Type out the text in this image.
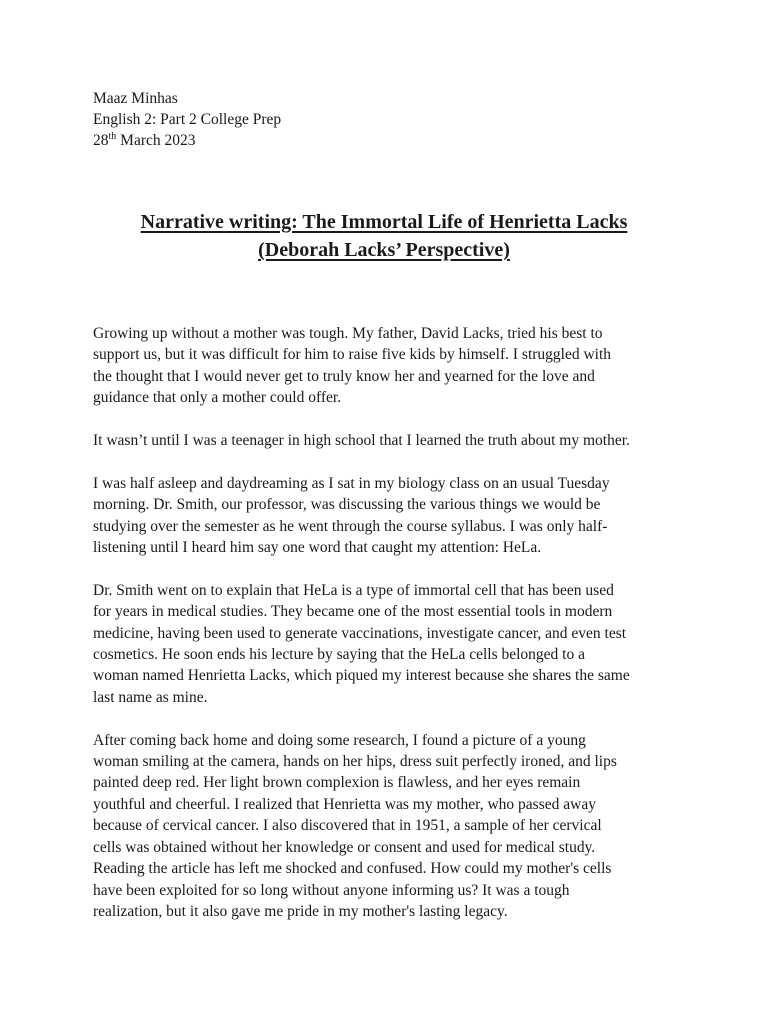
Maaz Minhas
English 2: Part 2 College Prep
28th March 2023
Narrative writing: The Immortal Life of Henrietta Lacks
(Deborah Lacks’ Perspective)

Growing up without a mother was tough. My father, David Lacks, tried his best to
support us, but it was difficult for him to raise five kids by himself. I struggled with
the thought that I would never get to truly know her and yearned for the love and
guidance that only a mother could offer.

It wasn’t until I was a teenager in high school that I learned the truth about my mother.

I was half asleep and daydreaming as I sat in my biology class on an usual Tuesday
morning. Dr. Smith, our professor, was discussing the various things we would be
studying over the semester as he went through the course syllabus. I was only half-
listening until I heard him say one word that caught my attention: HeLa.

Dr. Smith went on to explain that HeLa is a type of immortal cell that has been used
for years in medical studies. They became one of the most essential tools in modern
medicine, having been used to generate vaccinations, investigate cancer, and even test
cosmetics. He soon ends his lecture by saying that the HeLa cells belonged to a
woman named Henrietta Lacks, which piqued my interest because she shares the same
last name as mine.

After coming back home and doing some research, I found a picture of a young
woman smiling at the camera, hands on her hips, dress suit perfectly ironed, and lips
painted deep red. Her light brown complexion is flawless, and her eyes remain
youthful and cheerful. I realized that Henrietta was my mother, who passed away
because of cervical cancer. I also discovered that in 1951, a sample of her cervical
cells was obtained without her knowledge or consent and used for medical study.
Reading the article has left me shocked and confused. How could my mother's cells
have been exploited for so long without anyone informing us? It was a tough
realization, but it also gave me pride in my mother's lasting legacy.
